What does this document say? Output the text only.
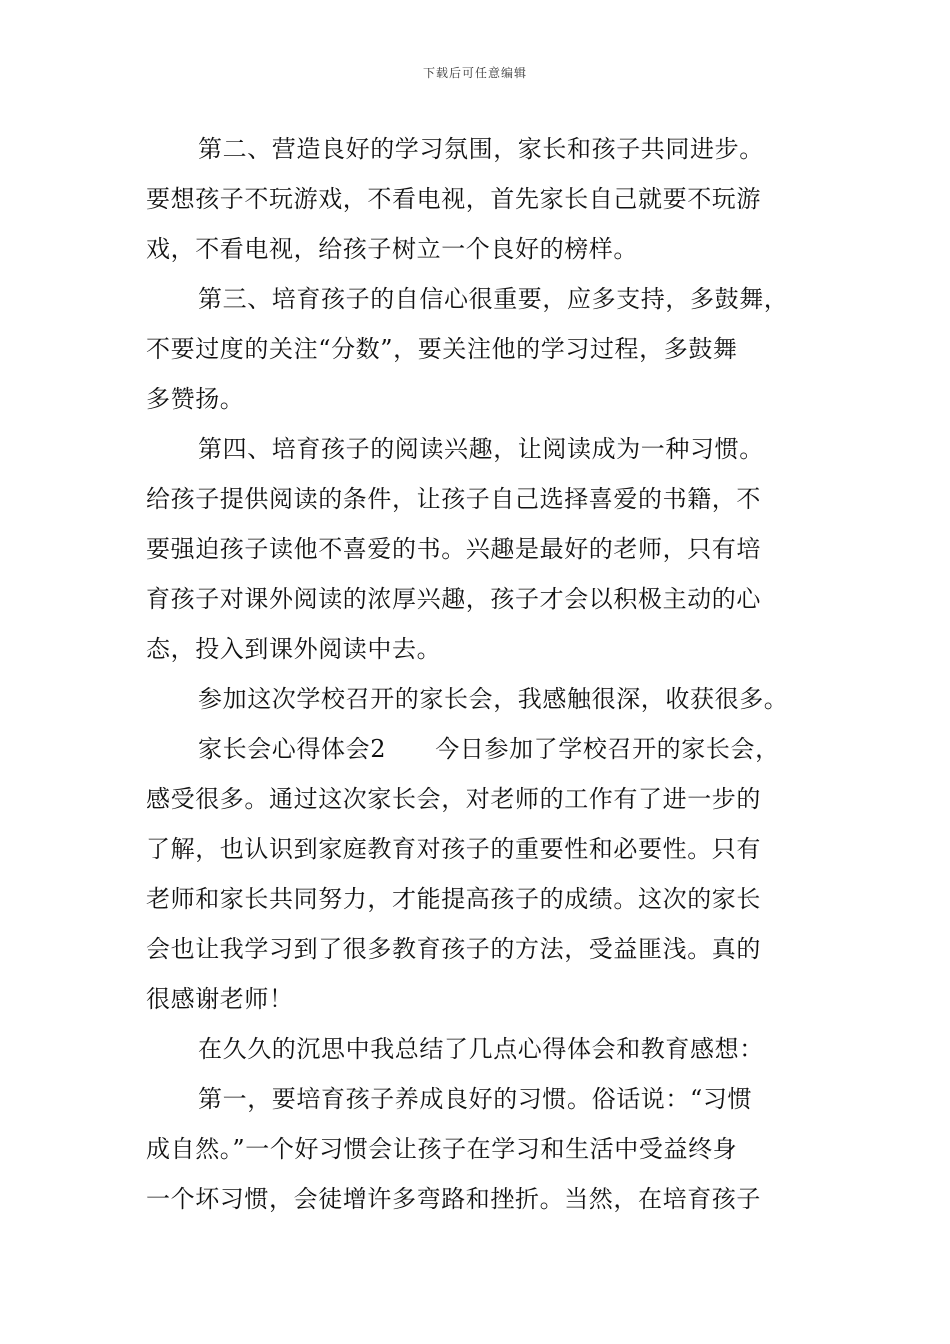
下载后可任意编辑
第二、营造良好的学习氛围，家长和孩子共同进步。
要想孩子不玩游戏，不看电视，首先家长自己就要不玩游
戏，不看电视，给孩子树立一个良好的榜样。
第三、培育孩子的自信心很重要，应多支持，多鼓舞，
不要过度的关注“分数”，要关注他的学习过程，多鼓舞
多赞扬。
第四、培育孩子的阅读兴趣，让阅读成为一种习惯。
给孩子提供阅读的条件，让孩子自己选择喜爱的书籍，不
要强迫孩子读他不喜爱的书。兴趣是最好的老师，只有培
育孩子对课外阅读的浓厚兴趣，孩子才会以积极主动的心
态，投入到课外阅读中去。
参加这次学校召开的家长会，我感触很深，收获很多。
家长会心得体会2　　今日参加了学校召开的家长会，
感受很多。通过这次家长会，对老师的工作有了进一步的
了解，也认识到家庭教育对孩子的重要性和必要性。只有
老师和家长共同努力，才能提高孩子的成绩。这次的家长
会也让我学习到了很多教育孩子的方法，受益匪浅。真的
很感谢老师！
在久久的沉思中我总结了几点心得体会和教育感想：
第一，要培育孩子养成良好的习惯。俗话说：“习惯
成自然。”一个好习惯会让孩子在学习和生活中受益终身
一个坏习惯，会徒增许多弯路和挫折。当然，在培育孩子
